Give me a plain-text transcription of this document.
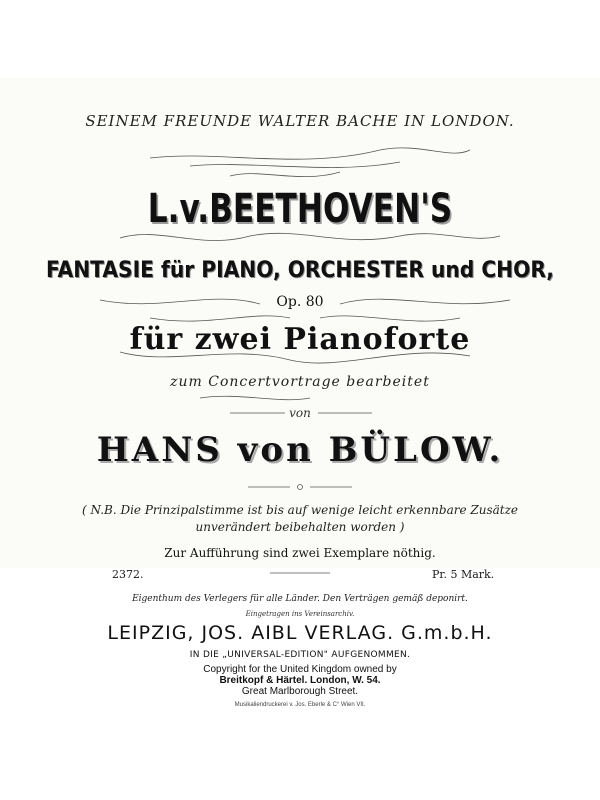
SEINEM FREUNDE WALTER BACHE IN LONDON.
L.v.BEETHOVEN'S
FANTASIE für PIANO, ORCHESTER und CHOR,
Op. 80
für zwei Pianoforte
zum Concertvortrage bearbeitet
von
HANS von BÜLOW.
( N.B. Die Prinzipalstimme ist bis auf wenige leicht erkennbare Zusätze
unverändert beibehalten worden )
Zur Aufführung sind zwei Exemplare nöthig.
2372.	Pr. 5 Mark.
Eigenthum des Verlegers für alle Länder. Den Verträgen gemäß deponirt.
Eingetragen ins Vereinsarchiv.
LEIPZIG, JOS. AIBL VERLAG. G.m.b.H.
IN DIE „UNIVERSAL-EDITION" AUFGENOMMEN.
Copyright for the United Kingdom owned by
Breitkopf & Härtel. London, W. 54.
Great Marlborough Street.
Musikaliendruckerei v. Jos. Eberle & C° Wien VII.
